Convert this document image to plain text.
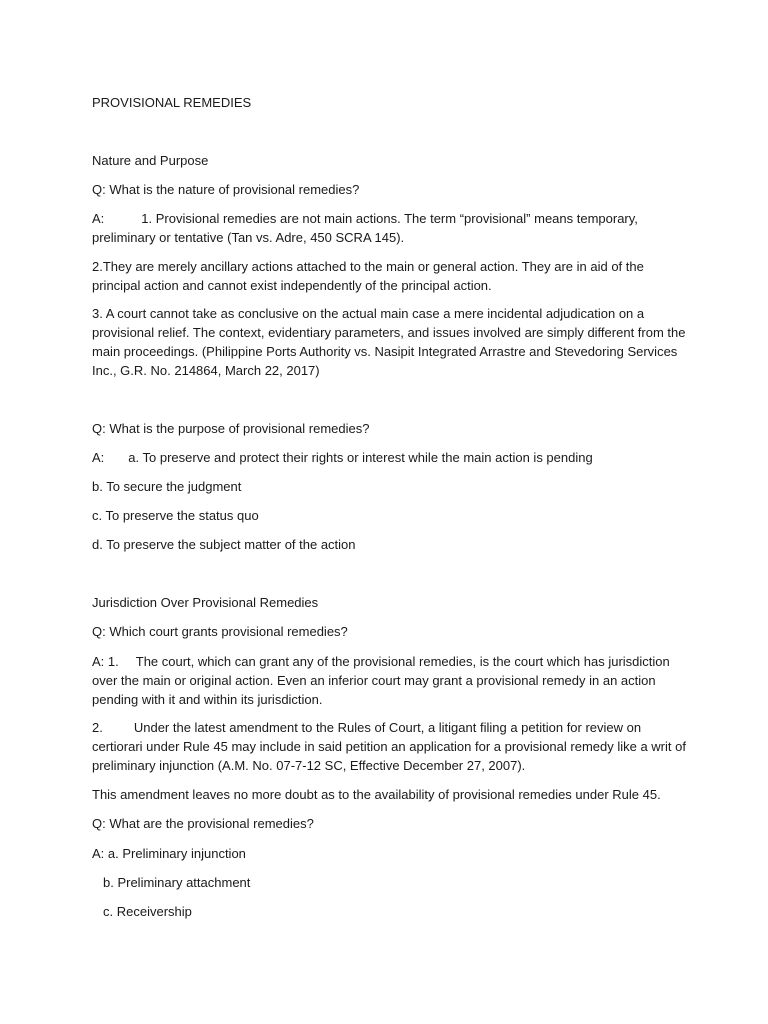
PROVISIONAL REMEDIES
Nature and Purpose
Q: What is the nature of provisional remedies?
A:	1. Provisional remedies are not main actions. The term “provisional” means temporary,
preliminary or tentative (Tan vs. Adre, 450 SCRA 145).
2.They are merely ancillary actions attached to the main or general action. They are in aid of the
principal action and cannot exist independently of the principal action.
3. A court cannot take as conclusive on the actual main case a mere incidental adjudication on a
provisional relief. The context, evidentiary parameters, and issues involved are simply different from the
main proceedings. (Philippine Ports Authority vs. Nasipit Integrated Arrastre and Stevedoring Services
Inc., G.R. No. 214864, March 22, 2017)
Q: What is the purpose of provisional remedies?
A: a. To preserve and protect their rights or interest while the main action is pending
b. To secure the judgment
c. To preserve the status quo
d. To preserve the subject matter of the action
Jurisdiction Over Provisional Remedies
Q: Which court grants provisional remedies?
A: 1. The court, which can grant any of the provisional remedies, is the court which has jurisdiction
over the main or original action. Even an inferior court may grant a provisional remedy in an action
pending with it and within its jurisdiction.
2. Under the latest amendment to the Rules of Court, a litigant filing a petition for review on
certiorari under Rule 45 may include in said petition an application for a provisional remedy like a writ of
preliminary injunction (A.M. No. 07-7-12 SC, Effective December 27, 2007).
This amendment leaves no more doubt as to the availability of provisional remedies under Rule 45.
Q: What are the provisional remedies?
A: a. Preliminary injunction
b. Preliminary attachment
c. Receivership
